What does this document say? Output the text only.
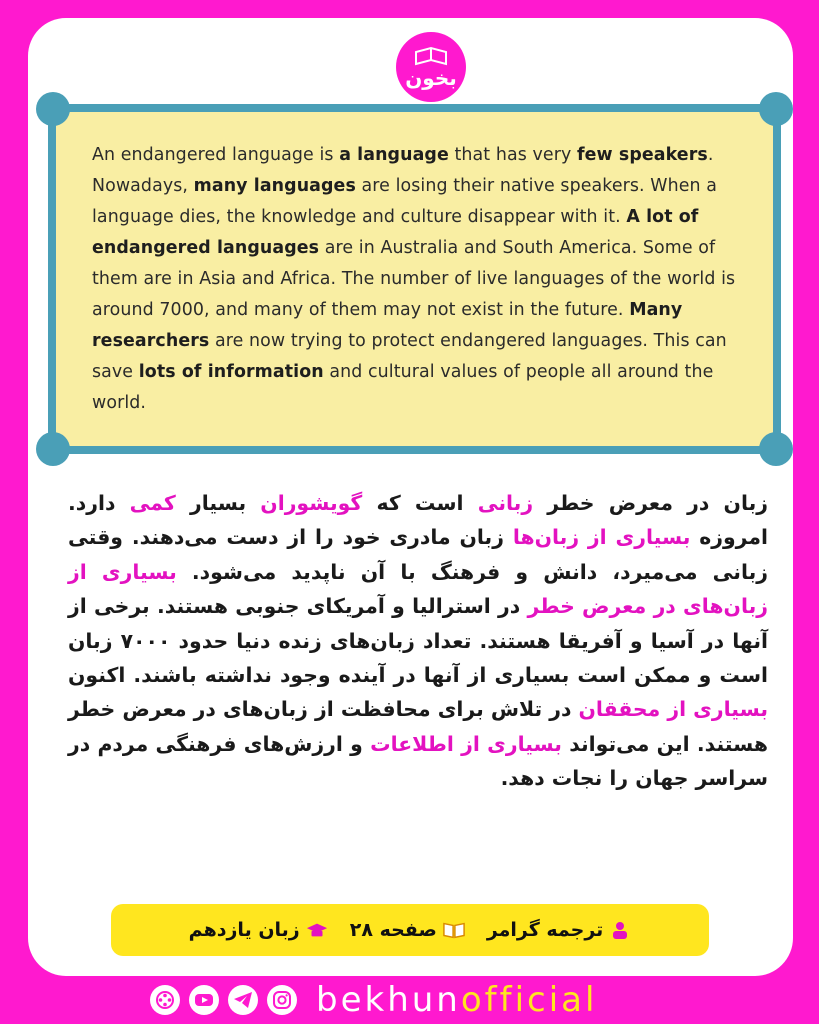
بخون

An endangered language is a language that has very few speakers. Nowadays, many languages are losing their native speakers. When a language dies, the knowledge and culture disappear with it. A lot of endangered languages are in Australia and South America. Some of them are in Asia and Africa. The number of live languages of the world is around 7000, and many of them may not exist in the future. Many researchers are now trying to protect endangered languages. This can save lots of information and cultural values of people all around the world.

زبان در معرض خطر زبانی است که گویشوران بسیار کمی دارد. امروزه بسیاری از زبان‌ها زبان مادری خود را از دست می‌دهند. وقتی زبانی می‌میرد، دانش و فرهنگ با آن ناپدید می‌شود. بسیاری از زبان‌های در معرض خطر در استرالیا و آمریکای جنوبی هستند. برخی از آنها در آسیا و آفریقا هستند. تعداد زبان‌های زنده دنیا حدود ۷۰۰۰ زبان است و ممکن است بسیاری از آنها در آینده وجود نداشته باشند. اکنون بسیاری از محققان در تلاش برای محافظت از زبان‌های در معرض خطر هستند. این می‌تواند بسیاری از اطلاعات و ارزش‌های فرهنگی مردم در سراسر جهان را نجات دهد.

ترجمه گرامر
صفحه ۲۸
زبان یازدهم
bekhunofficial
